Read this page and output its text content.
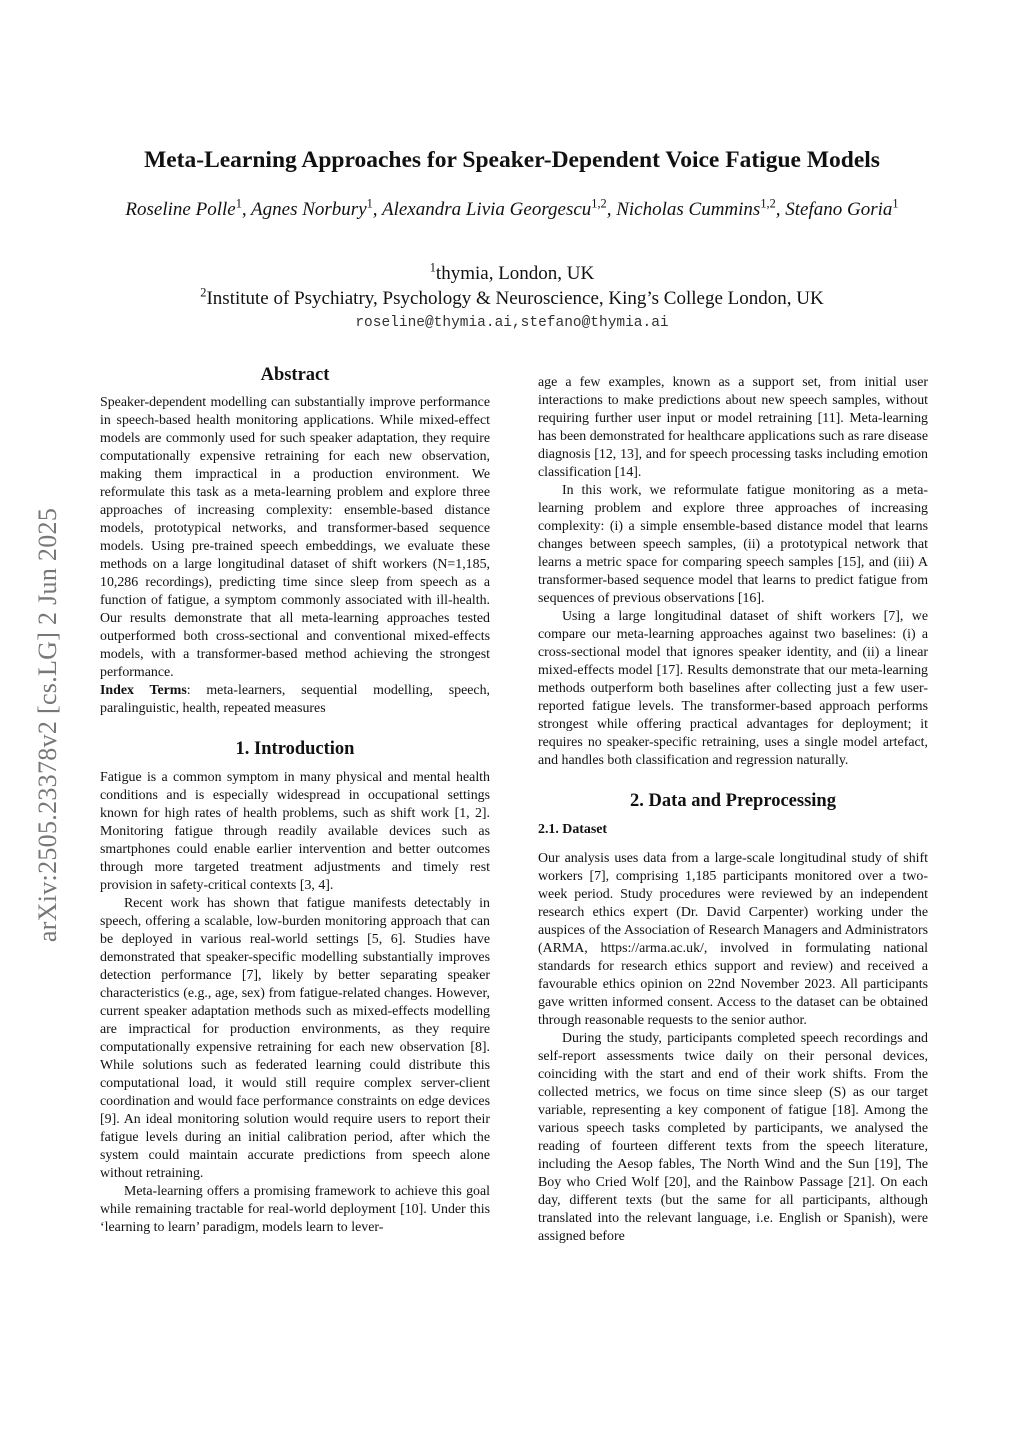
arXiv:2505.23378v2 [cs.LG] 2 Jun 2025
Meta-Learning Approaches for Speaker-Dependent Voice Fatigue Models
Roseline Polle$^1$, Agnes Norbury$^1$, Alexandra Livia Georgescu$^{1,2}$, Nicholas Cummins$^{1,2}$, Stefano Goria$^1$
$^1$thymia, London, UK
$^2$Institute of Psychiatry, Psychology & Neuroscience, King’s College London, UK
roseline@thymia.ai,stefano@thymia.ai
Abstract

Speaker-dependent modelling can substantially improve performance in speech-based health monitoring applications. While mixed-effect models are commonly used for such speaker adaptation, they require computationally expensive retraining for each new observation, making them impractical in a production environment. We reformulate this task as a meta-learning problem and explore three approaches of increasing complexity: ensemble-based distance models, prototypical networks, and transformer-based sequence models. Using pre-trained speech embeddings, we evaluate these methods on a large longitudinal dataset of shift workers (N=1,185, 10,286 recordings), predicting time since sleep from speech as a function of fatigue, a symptom commonly associated with ill-health. Our results demonstrate that all meta-learning approaches tested outperformed both cross-sectional and conventional mixed-effects models, with a transformer-based method achieving the strongest performance.

Index Terms: meta-learners, sequential modelling, speech, paralinguistic, health, repeated measures

1. Introduction

Fatigue is a common symptom in many physical and mental health conditions and is especially widespread in occupational settings known for high rates of health problems, such as shift work [1, 2]. Monitoring fatigue through readily available devices such as smartphones could enable earlier intervention and better outcomes through more targeted treatment adjustments and timely rest provision in safety-critical contexts [3, 4].

Recent work has shown that fatigue manifests detectably in speech, offering a scalable, low-burden monitoring approach that can be deployed in various real-world settings [5, 6]. Studies have demonstrated that speaker-specific modelling substantially improves detection performance [7], likely by better separating speaker characteristics (e.g., age, sex) from fatigue-related changes. However, current speaker adaptation methods such as mixed-effects modelling are impractical for production environments, as they require computationally expensive retraining for each new observation [8]. While solutions such as federated learning could distribute this computational load, it would still require complex server-client coordination and would face performance constraints on edge devices [9]. An ideal monitoring solution would require users to report their fatigue levels during an initial calibration period, after which the system could maintain accurate predictions from speech alone without retraining.

Meta-learning offers a promising framework to achieve this goal while remaining tractable for real-world deployment [10]. Under this ‘learning to learn’ paradigm, models learn to lever-

age a few examples, known as a support set, from initial user interactions to make predictions about new speech samples, without requiring further user input or model retraining [11]. Meta-learning has been demonstrated for healthcare applications such as rare disease diagnosis [12, 13], and for speech processing tasks including emotion classification [14].

In this work, we reformulate fatigue monitoring as a meta-learning problem and explore three approaches of increasing complexity: (i) a simple ensemble-based distance model that learns changes between speech samples, (ii) a prototypical network that learns a metric space for comparing speech samples [15], and (iii) A transformer-based sequence model that learns to predict fatigue from sequences of previous observations [16].

Using a large longitudinal dataset of shift workers [7], we compare our meta-learning approaches against two baselines: (i) a cross-sectional model that ignores speaker identity, and (ii) a linear mixed-effects model [17]. Results demonstrate that our meta-learning methods outperform both baselines after collecting just a few user-reported fatigue levels. The transformer-based approach performs strongest while offering practical advantages for deployment; it requires no speaker-specific retraining, uses a single model artefact, and handles both classification and regression naturally.

2. Data and Preprocessing
2.1. Dataset

Our analysis uses data from a large-scale longitudinal study of shift workers [7], comprising 1,185 participants monitored over a two-week period. Study procedures were reviewed by an independent research ethics expert (Dr. David Carpenter) working under the auspices of the Association of Research Managers and Administrators (ARMA, https://arma.ac.uk/, involved in formulating national standards for research ethics support and review) and received a favourable ethics opinion on 22nd November 2023. All participants gave written informed consent. Access to the dataset can be obtained through reasonable requests to the senior author.

During the study, participants completed speech recordings and self-report assessments twice daily on their personal devices, coinciding with the start and end of their work shifts. From the collected metrics, we focus on time since sleep (S) as our target variable, representing a key component of fatigue [18]. Among the various speech tasks completed by participants, we analysed the reading of fourteen different texts from the speech literature, including the Aesop fables, The North Wind and the Sun [19], The Boy who Cried Wolf [20], and the Rainbow Passage [21]. On each day, different texts (but the same for all participants, although translated into the relevant language, i.e. English or Spanish), were assigned before
